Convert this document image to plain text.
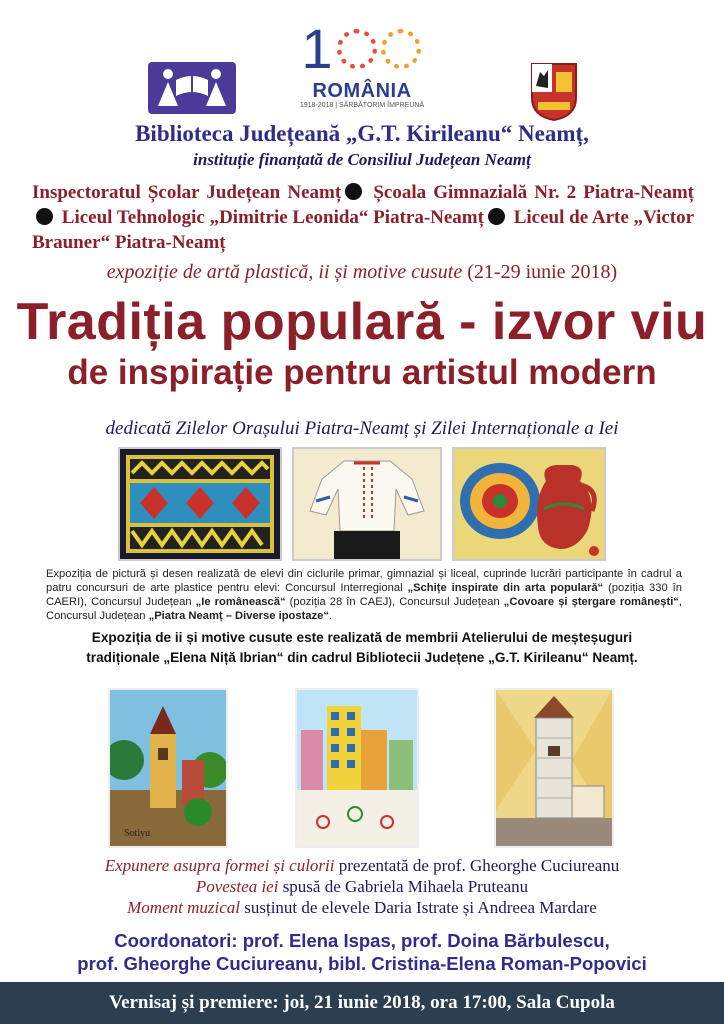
1
ROMÂNIA
1918-2018 | SĂRBĂTORIM ÎMPREUNĂ
Biblioteca Județeană „G.T. Kirileanu“ Neamț,
instituție finanțată de Consiliul Județean Neamț
Inspectoratul Școlar Județean Neamț Școala Gimnazială Nr. 2 Piatra-Neamț Liceul Tehnologic „Dimitrie Leonida“ Piatra-Neamț Liceul de Arte „Victor Brauner“ Piatra-Neamț
expoziție de artă plastică, ii și motive cusute (21-29 iunie 2018)
Tradiția populară - izvor viu
de inspirație pentru artistul modern
dedicată Zilelor Orașului Piatra-Neamț și Zilei Internaționale a Iei
Expoziția de pictură și desen realizată de elevi din ciclurile primar, gimnazial și liceal, cuprinde lucrări participante în cadrul a patru concursuri de arte plastice pentru elevi: Concursul Interregional „Schițe inspirate din arta populară“ (poziția 330 în CAERI), Concursul Județean „Ie românească“ (poziția 28 în CAEJ), Concursul Județean „Covoare și ștergare românești“, Concursul Județean „Piatra Neamț – Diverse ipostaze“.
Expoziția de ii și motive cusute este realizată de membrii Atelierului de meșteșuguri
tradiționale „Elena Niță Ibrian“ din cadrul Bibliotecii Județene „G.T. Kirileanu“ Neamț.
Sotiyu
Expunere asupra formei și culorii prezentată de prof. Gheorghe Cuciureanu
Povestea iei spusă de Gabriela Mihaela Pruteanu
Moment muzical susținut de elevele Daria Istrate și Andreea Mardare
Coordonatori: prof. Elena Ispas, prof. Doina Bărbulescu,
prof. Gheorghe Cuciureanu, bibl. Cristina-Elena Roman-Popovici
Vernisaj și premiere: joi, 21 iunie 2018, ora 17:00, Sala Cupola
